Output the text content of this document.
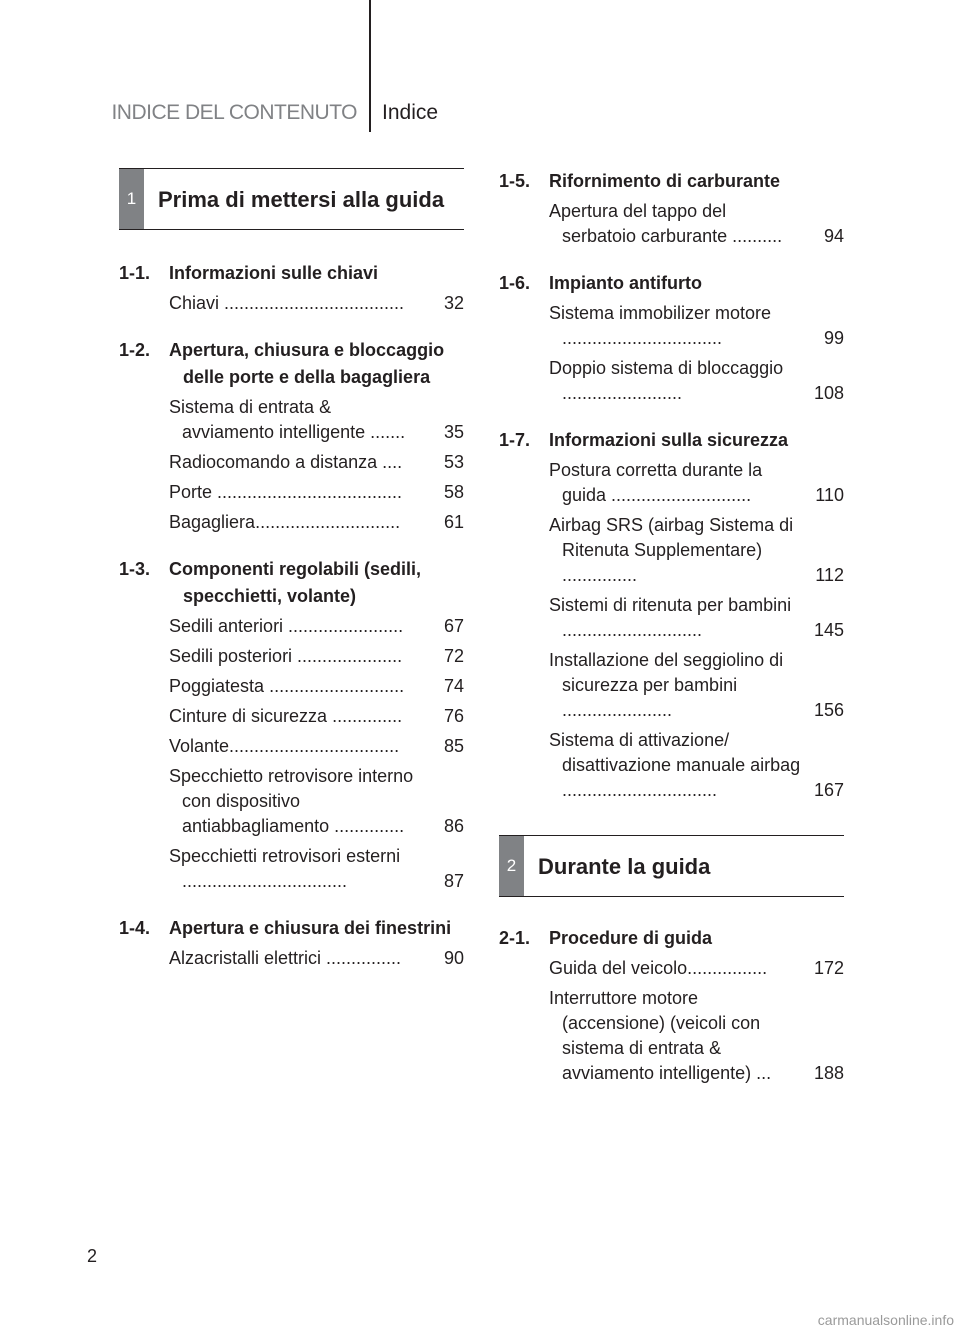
INDICE DEL CONTENUTO Indice
1 Prima di mettersi alla guida
1-1.	Informazioni sulle chiavi
Chiavi ....................................	32
1-2.	Apertura, chiusura e bloccaggio delle porte e della bagagliera
Sistema di entrata & avviamento intelligente .......	35
Radiocomando a distanza ....	53
Porte .....................................	58
Bagagliera.............................	61
1-3.	Componenti regolabili (sedili, specchietti, volante)
Sedili anteriori .......................	67
Sedili posteriori .....................	72
Poggiatesta ...........................	74
Cinture di sicurezza ..............	76
Volante..................................	85
Specchietto retrovisore interno con dispositivo antiabbagliamento ..............	86
Specchietti retrovisori esterni .................................	87
1-4.	Apertura e chiusura dei finestrini
Alzacristalli elettrici ...............	90
1-5.	Rifornimento di carburante
Apertura del tappo del serbatoio carburante ..........	94
1-6.	Impianto antifurto
Sistema immobilizer motore ................................	99
Doppio sistema di bloccaggio ........................	108
1-7.	Informazioni sulla sicurezza
Postura corretta durante la guida ............................	110
Airbag SRS (airbag Sistema di Ritenuta Supplementare) ...............	112
Sistemi di ritenuta per bambini ............................	145
Installazione del seggiolino di sicurezza per bambini ......................	156
Sistema di attivazione/ disattivazione manuale airbag ...............................	167
2 Durante la guida
2-1.	Procedure di guida
Guida del veicolo................	172
Interruttore motore (accensione) (veicoli con sistema di entrata & avviamento intelligente) ...	188
2
carmanualsonline.info
